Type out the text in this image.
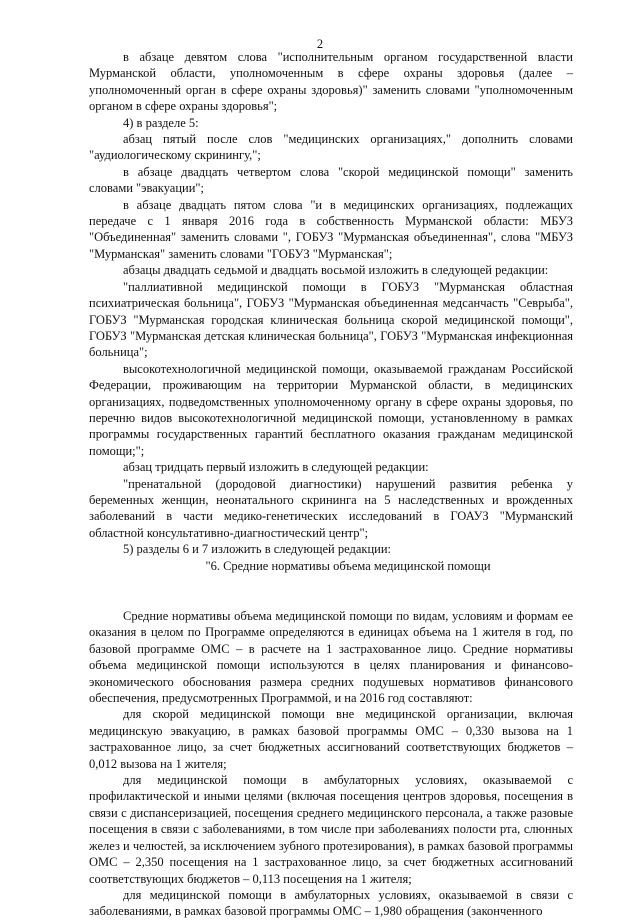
2

в абзаце девятом слова "исполнительным органом государственной власти Мурманской области, уполномоченным в сфере охраны здоровья (далее – уполномоченный орган в сфере охраны здоровья)" заменить словами "уполномоченным органом в сфере охраны здоровья";

4) в разделе 5:

абзац пятый после слов "медицинских организациях," дополнить словами "аудиологическому скринингу,";

в абзаце двадцать четвертом слова "скорой медицинской помощи" заменить словами "эвакуации";

в абзаце двадцать пятом слова "и в медицинских организациях, подлежащих передаче с 1 января 2016 года в собственность Мурманской области: МБУЗ "Объединенная" заменить словами ", ГОБУЗ "Мурманская объединенная", слова "МБУЗ "Мурманская" заменить словами "ГОБУЗ "Мурманская";

абзацы двадцать седьмой и двадцать восьмой изложить в следующей редакции:

"паллиативной медицинской помощи в ГОБУЗ "Мурманская областная психиатрическая больница", ГОБУЗ "Мурманская объединенная медсанчасть "Севрыба", ГОБУЗ "Мурманская городская клиническая больница скорой медицинской помощи", ГОБУЗ "Мурманская детская клиническая больница", ГОБУЗ "Мурманская инфекционная больница";

высокотехнологичной медицинской помощи, оказываемой гражданам Российской Федерации, проживающим на территории Мурманской области, в медицинских организациях, подведомственных уполномоченному органу в сфере охраны здоровья, по перечню видов высокотехнологичной медицинской помощи, установленному в рамках программы государственных гарантий бесплатного оказания гражданам медицинской помощи;";

абзац тридцать первый изложить в следующей редакции:

"пренатальной (дородовой диагностики) нарушений развития ребенка у беременных женщин, неонатального скрининга на 5 наследственных и врожденных заболеваний в части медико-генетических исследований в ГОАУЗ "Мурманский областной консультативно-диагностический центр";

5) разделы 6 и 7 изложить в следующей редакции:

"6. Средние нормативы объема медицинской помощи

Средние нормативы объема медицинской помощи по видам, условиям и формам ее оказания в целом по Программе определяются в единицах объема на 1 жителя в год, по базовой программе ОМС – в расчете на 1 застрахованное лицо. Средние нормативы объема медицинской помощи используются в целях планирования и финансово-экономического обоснования размера средних подушевых нормативов финансового обеспечения, предусмотренных Программой, и на 2016 год составляют:

для скорой медицинской помощи вне медицинской организации, включая медицинскую эвакуацию, в рамках базовой программы ОМС – 0,330 вызова на 1 застрахованное лицо, за счет бюджетных ассигнований соответствующих бюджетов – 0,012 вызова на 1 жителя;

для медицинской помощи в амбулаторных условиях, оказываемой с профилактической и иными целями (включая посещения центров здоровья, посещения в связи с диспансеризацией, посещения среднего медицинского персонала, а также разовые посещения в связи с заболеваниями, в том числе при заболеваниях полости рта, слюнных желез и челюстей, за исключением зубного протезирования), в рамках базовой программы ОМС – 2,350 посещения на 1 застрахованное лицо, за счет бюджетных ассигнований соответствующих бюджетов – 0,113 посещения на 1 жителя;

для медицинской помощи в амбулаторных условиях, оказываемой в связи с заболеваниями, в рамках базовой программы ОМС – 1,980 обращения (законченного
